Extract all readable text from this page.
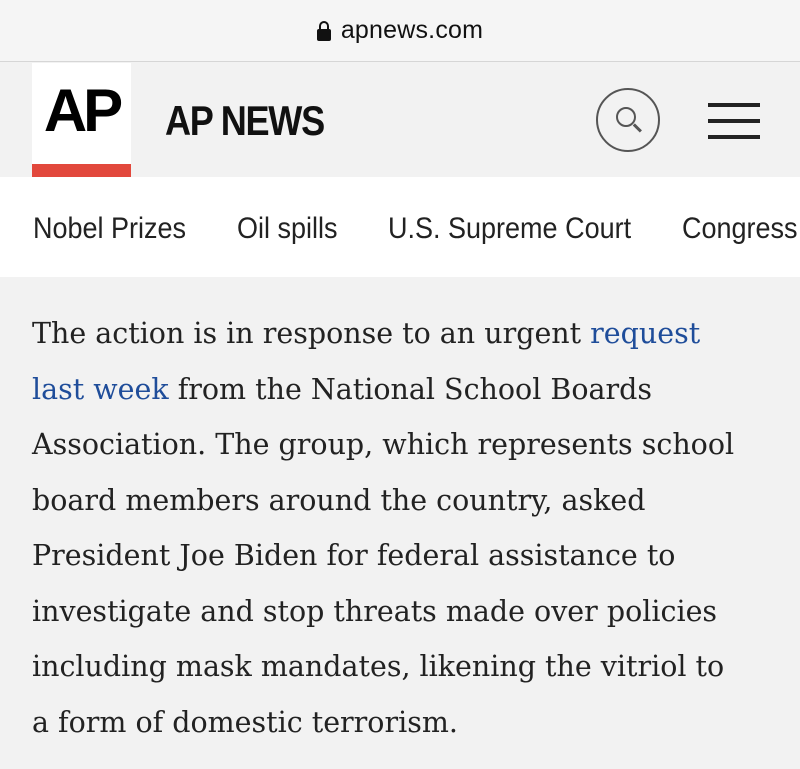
apnews.com
AP AP NEWS
Nobel Prizes Oil spills U.S. Supreme Court Congress
The action is in response to an urgent request
last week from the National School Boards
Association. The group, which represents school
board members around the country, asked
President Joe Biden for federal assistance to
investigate and stop threats made over policies
including mask mandates, likening the vitriol to
a form of domestic terrorism.
